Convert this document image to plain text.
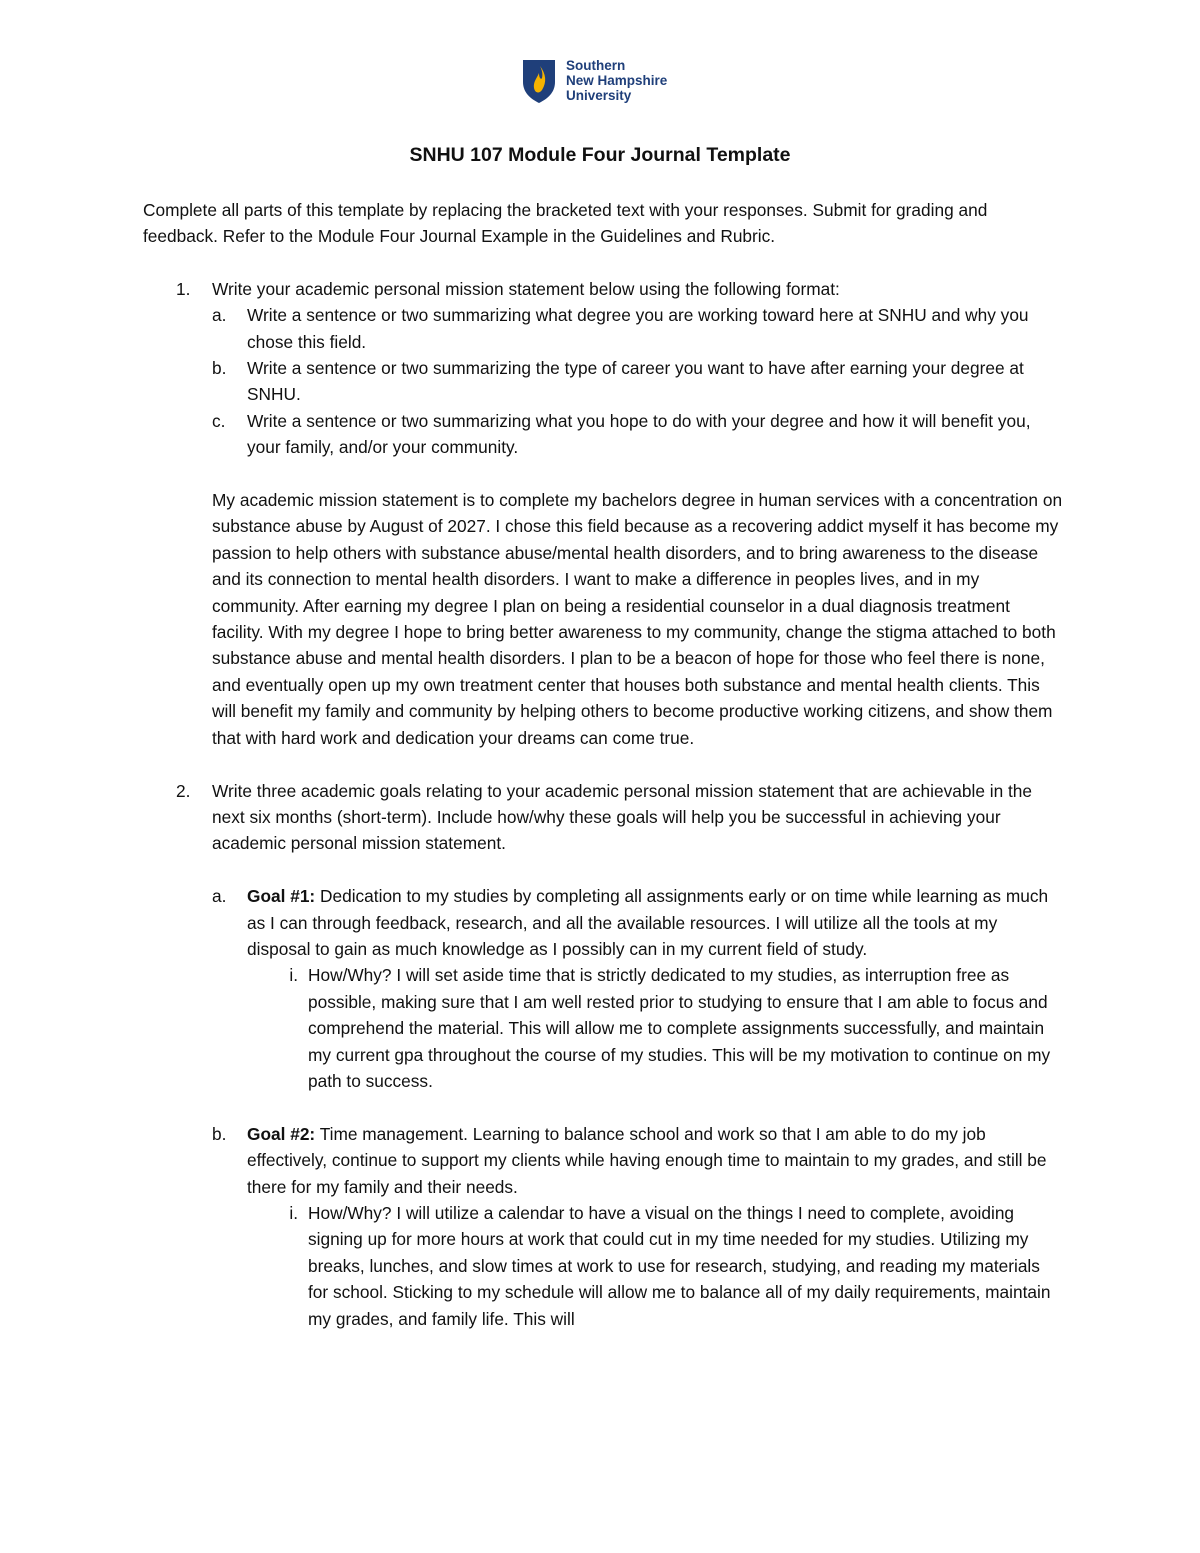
Southern
New Hampshire
University
SNHU 107 Module Four Journal Template

Complete all parts of this template by replacing the bracketed text with your responses. Submit for grading and feedback. Refer to the Module Four Journal Example in the Guidelines and Rubric.

1.	Write your academic personal mission statement below using the following format:
a.	Write a sentence or two summarizing what degree you are working toward here at SNHU and why you chose this field.
b.	Write a sentence or two summarizing the type of career you want to have after earning your degree at SNHU.
c.	Write a sentence or two summarizing what you hope to do with your degree and how it will benefit you, your family, and/or your community.

My academic mission statement is to complete my bachelors degree in human services with a concentration on substance abuse by August of 2027. I chose this field because as a recovering addict myself it has become my passion to help others with substance abuse/mental health disorders, and to bring awareness to the disease and its connection to mental health disorders. I want to make a difference in peoples lives, and in my community. After earning my degree I plan on being a residential counselor in a dual diagnosis treatment facility. With my degree I hope to bring better awareness to my community, change the stigma attached to both substance abuse and mental health disorders. I plan to be a beacon of hope for those who feel there is none, and eventually open up my own treatment center that houses both substance and mental health clients. This will benefit my family and community by helping others to become productive working citizens, and show them that with hard work and dedication your dreams can come true.

2.	Write three academic goals relating to your academic personal mission statement that are achievable in the next six months (short-term). Include how/why these goals will help you be successful in achieving your academic personal mission statement.
a.	Goal #1: Dedication to my studies by completing all assignments early or on time while learning as much as I can through feedback, research, and all the available resources. I will utilize all the tools at my disposal to gain as much knowledge as I possibly can in my current field of study.
i. How/Why? I will set aside time that is strictly dedicated to my studies, as interruption free as possible, making sure that I am well rested prior to studying to ensure that I am able to focus and comprehend the material. This will allow me to complete assignments successfully, and maintain my current gpa throughout the course of my studies. This will be my motivation to continue on my path to success.
b.	Goal #2: Time management. Learning to balance school and work so that I am able to do my job effectively, continue to support my clients while having enough time to maintain to my grades, and still be there for my family and their needs.
i. How/Why? I will utilize a calendar to have a visual on the things I need to complete, avoiding signing up for more hours at work that could cut in my time needed for my studies. Utilizing my breaks, lunches, and slow times at work to use for research, studying, and reading my materials for school. Sticking to my schedule will allow me to balance all of my daily requirements, maintain my grades, and family life. This will
